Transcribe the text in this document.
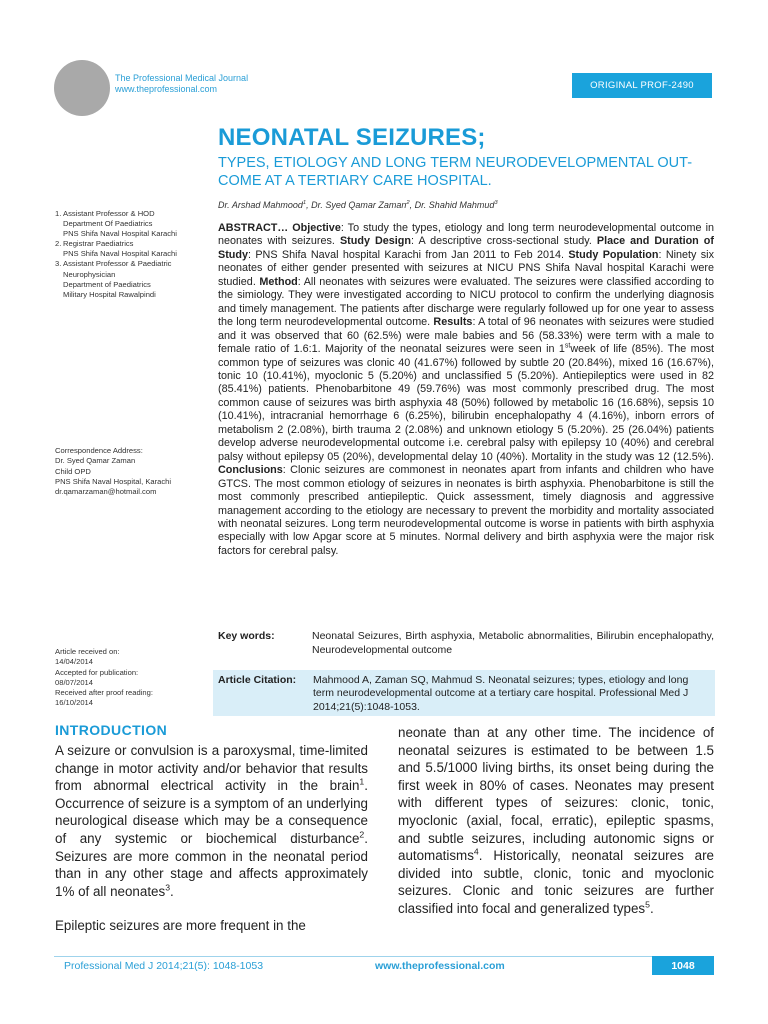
The Professional Medical Journal
www.theprofessional.com	ORIGINAL PROF-2490
NEONATAL SEIZURES;
TYPES, ETIOLOGY AND LONG TERM NEURODEVELOPMENTAL OUT-COME AT A TERTIARY CARE HOSPITAL.
Dr. Arshad Mahmood$^1$, Dr. Syed Qamar Zaman$^2$, Dr. Shahid Mahmud$^3$
ABSTRACT… Objective: To study the types, etiology and long term neurodevelopmental outcome in neonates with seizures. Study Design: A descriptive cross-sectional study. Place and Duration of Study: PNS Shifa Naval hospital Karachi from Jan 2011 to Feb 2014. Study Population: Ninety six neonates of either gender presented with seizures at NICU PNS Shifa Naval hospital Karachi were studied. Method: All neonates with seizures were evaluated. The seizures were classified according to the simiology. They were investigated according to NICU protocol to confirm the underlying diagnosis and timely management. The patients after discharge were regularly followed up for one year to assess the long term neurodevelopmental outcome. Results: A total of 96 neonates with seizures were studied and it was observed that 60 (62.5%) were male babies and 56 (58.33%) were term with a male to female ratio of 1.6:1. Majority of the neonatal seizures were seen in 1stweek of life (85%). The most common type of seizures was clonic 40 (41.67%) followed by subtle 20 (20.84%), mixed 16 (16.67%), tonic 10 (10.41%), myoclonic 5 (5.20%) and unclassified 5 (5.20%). Antiepileptics were used in 82 (85.41%) patients. Phenobarbitone 49 (59.76%) was most commonly prescribed drug. The most common cause of seizures was birth asphyxia 48 (50%) followed by metabolic 16 (16.68%), sepsis 10 (10.41%), intracranial hemorrhage 6 (6.25%), bilirubin encephalopathy 4 (4.16%), inborn errors of metabolism 2 (2.08%), birth trauma 2 (2.08%) and unknown etiology 5 (5.20%). 25 (26.04%) patients develop adverse neurodevelopmental outcome i.e. cerebral palsy with epilepsy 10 (40%) and cerebral palsy without epilepsy 05 (20%), developmental delay 10 (40%). Mortality in the study was 12 (12.5%). Conclusions: Clonic seizures are commonest in neonates apart from infants and children who have GTCS. The most common etiology of seizures in neonates is birth asphyxia. Phenobarbitone is still the most commonly prescribed antiepileptic. Quick assessment, timely diagnosis and aggressive management according to the etiology are necessary to prevent the morbidity and mortality associated with neonatal seizures. Long term neurodevelopmental outcome is worse in patients with birth asphyxia especially with low Apgar score at 5 minutes. Normal delivery and birth asphyxia were the major risk factors for cerebral palsy.
1. Assistant Professor & HOD
Department Of Paediatrics
PNS Shifa Naval Hospital Karachi
2. Registrar Paediatrics
PNS Shifa Naval Hospital Karachi
3. Assistant Professor & Paediatric
Neurophysician
Department of Paediatrics
Military Hospital Rawalpindi
Correspondence Address:
Dr. Syed Qamar Zaman
Child OPD
PNS Shifa Naval Hospital, Karachi
dr.qamarzaman@hotmail.com
Article received on:
14/04/2014
Accepted for publication:
08/07/2014
Received after proof reading:
16/10/2014
Key words:	Neonatal Seizures, Birth asphyxia, Metabolic abnormalities, Bilirubin encephalopathy, Neurodevelopmental outcome
Article Citation: Mahmood A, Zaman SQ, Mahmud S. Neonatal seizures; types, etiology and long term neurodevelopmental outcome at a tertiary care hospital. Professional Med J 2014;21(5):1048-1053.
INTRODUCTION

A seizure or convulsion is a paroxysmal, time-limited change in motor activity and/or behavior that results from abnormal electrical activity in the brain$^1$. Occurrence of seizure is a symptom of an underlying neurological disease which may be a consequence of any systemic or biochemical disturbance$^2$. Seizures are more common in the neonatal period than in any other stage and affects approximately 1% of all neonates$^3$.

Epileptic seizures are more frequent in the

neonate than at any other time. The incidence of neonatal seizures is estimated to be between 1.5 and 5.5/1000 living births, its onset being during the first week in 80% of cases. Neonates may present with different types of seizures: clonic, tonic, myoclonic (axial, focal, erratic), epileptic spasms, and subtle seizures, including autonomic signs or automatisms$^4$. Historically, neonatal seizures are divided into subtle, clonic, tonic and myoclonic seizures. Clonic and tonic seizures are further classified into focal and generalized types$^5$.

Professional Med J 2014;21(5): 1048-1053	www.theprofessional.com	1048
